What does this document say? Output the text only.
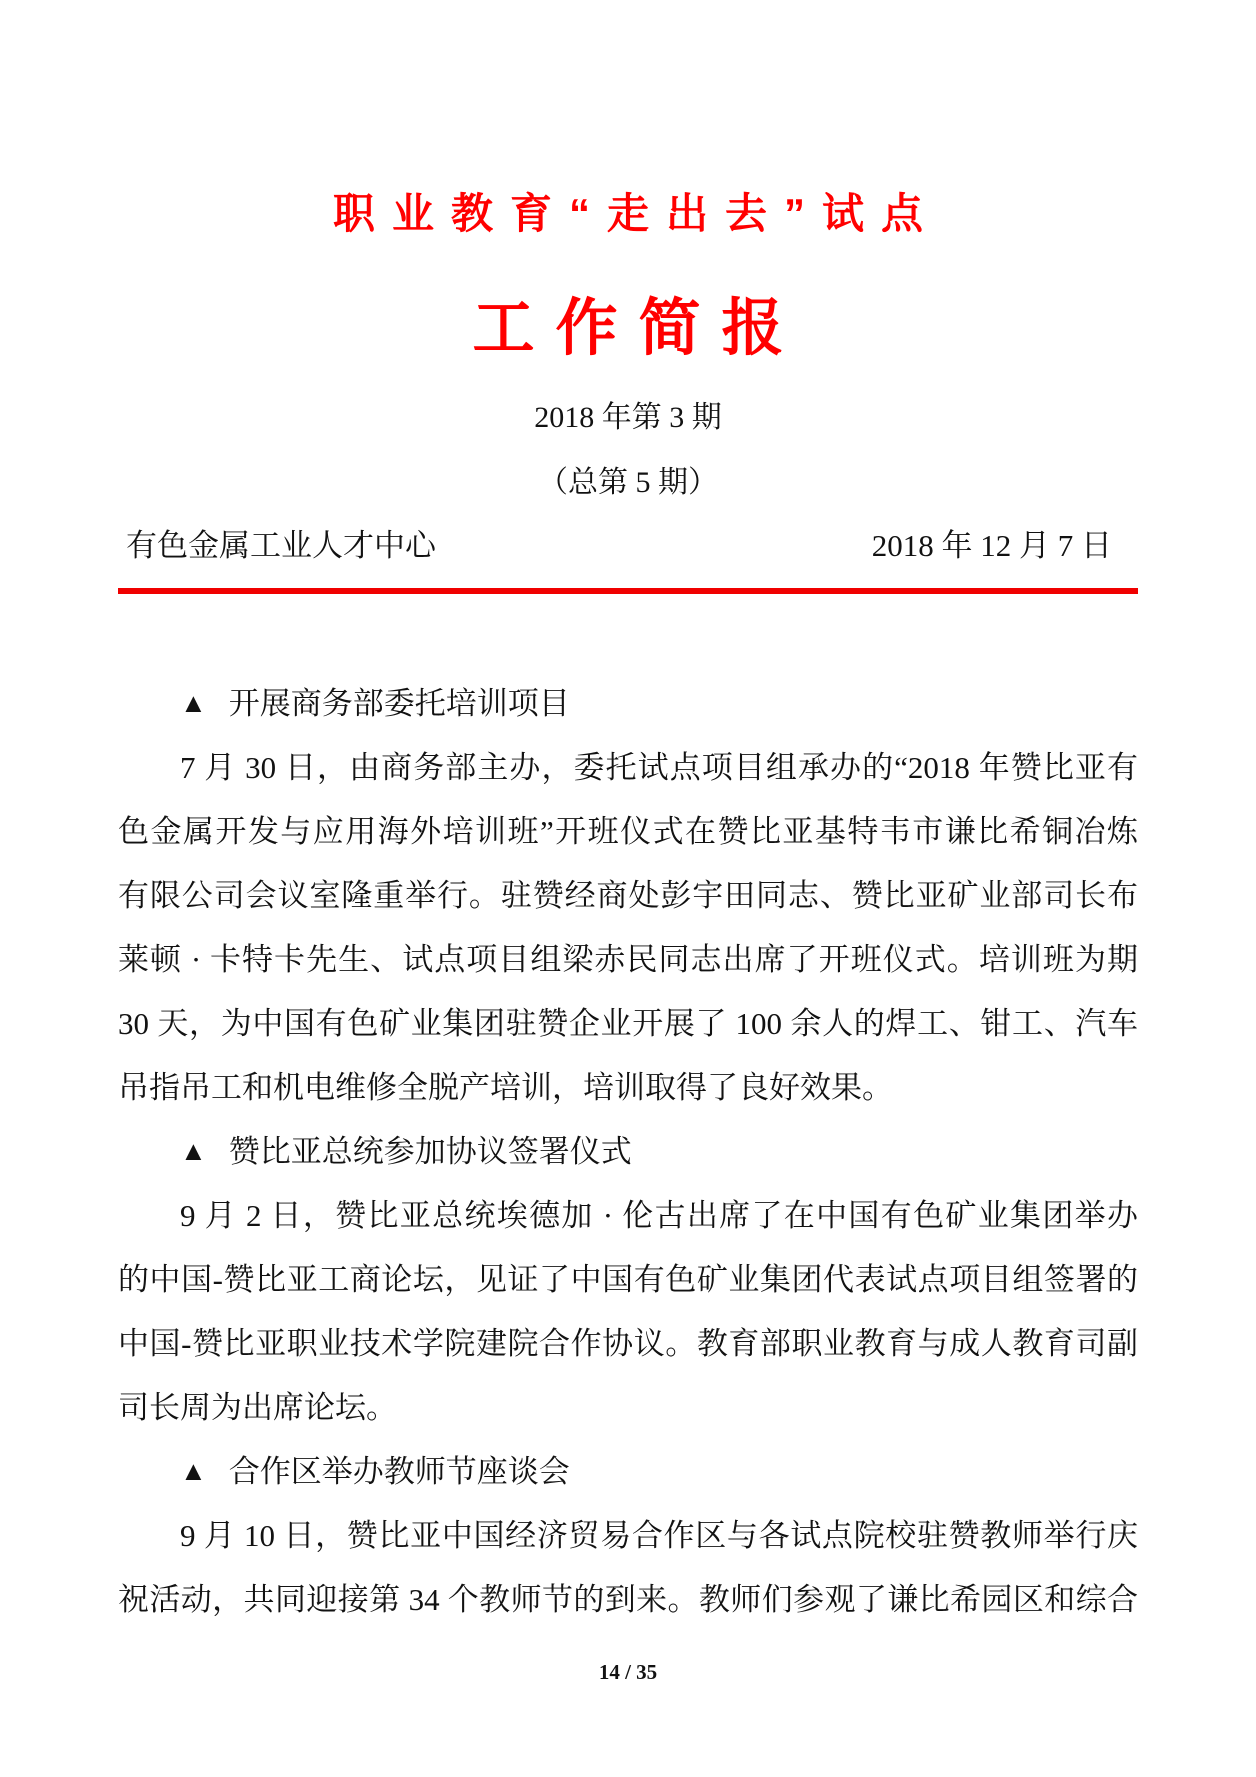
职业教育“走出去”试点
工作简报
2018 年第 3 期
（总第 5 期）
有色金属工业人才中心	2018 年 12 月 7 日
▲ 开展商务部委托培训项目
7 月 30 日，由商务部主办，委托试点项目组承办的“2018 年赞比亚有
色金属开发与应用海外培训班”开班仪式在赞比亚基特韦市谦比希铜冶炼
有限公司会议室隆重举行。驻赞经商处彭宇田同志、赞比亚矿业部司长布
莱顿 · 卡特卡先生、试点项目组梁赤民同志出席了开班仪式。培训班为期
30 天，为中国有色矿业集团驻赞企业开展了 100 余人的焊工、钳工、汽车
吊指吊工和机电维修全脱产培训，培训取得了良好效果。
▲ 赞比亚总统参加协议签署仪式
9 月 2 日，赞比亚总统埃德加 · 伦古出席了在中国有色矿业集团举办
的中国-赞比亚工商论坛，见证了中国有色矿业集团代表试点项目组签署的
中国-赞比亚职业技术学院建院合作协议。教育部职业教育与成人教育司副
司长周为出席论坛。
▲ 合作区举办教师节座谈会
9 月 10 日，赞比亚中国经济贸易合作区与各试点院校驻赞教师举行庆
祝活动，共同迎接第 34 个教师节的到来。教师们参观了谦比希园区和综合
14 / 35
